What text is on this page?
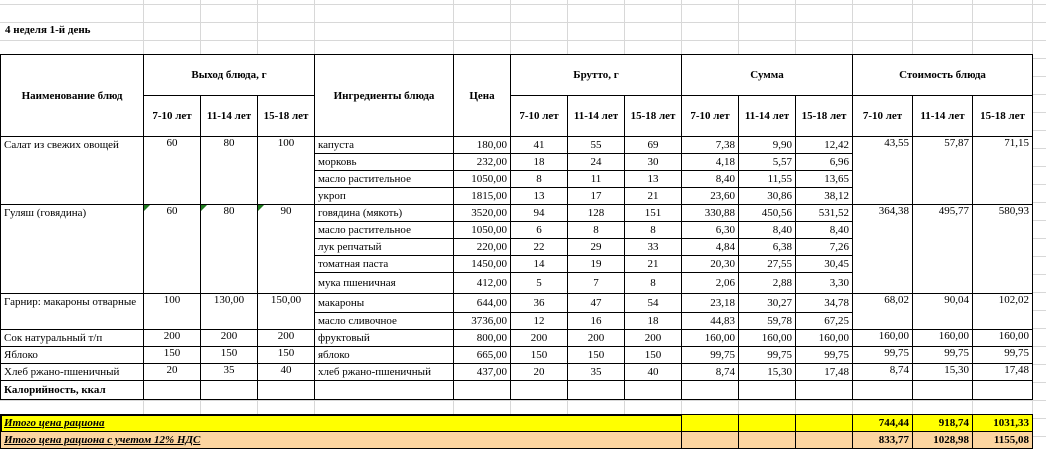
4 неделя 1-й день
Наименование блюд	Выход блюда, г			Ингредиенты блюда	Цена	Брутто, г			Сумма			Стоимость блюда		
	7-10 лет	11-14 лет	15-18 лет			7-10 лет	11-14 лет	15-18 лет	7-10 лет	11-14 лет	15-18 лет	7-10 лет	11-14 лет	15-18 лет
Салат из свежих овощей	60	80	100	капуста	180,00	41	55	69	7,38	9,90	12,42	43,55	57,87	71,15
				морковь	232,00	18	24	30	4,18	5,57	6,96			
				масло растительное	1050,00	8	11	13	8,40	11,55	13,65			
				укроп	1815,00	13	17	21	23,60	30,86	38,12			
Гуляш (говядина)	60	80	90	говядина (мякоть)	3520,00	94	128	151	330,88	450,56	531,52	364,38	495,77	580,93
				масло растительное	1050,00	6	8	8	6,30	8,40	8,40			
				лук репчатый	220,00	22	29	33	4,84	6,38	7,26			
				томатная паста	1450,00	14	19	21	20,30	27,55	30,45			
				мука пшеничная	412,00	5	7	8	2,06	2,88	3,30			
Гарнир: макароны отварные	100	130,00	150,00	макароны	644,00	36	47	54	23,18	30,27	34,78	68,02	90,04	102,02
				масло сливочное	3736,00	12	16	18	44,83	59,78	67,25			
Сок натуральный т/п	200	200	200	фруктовый	800,00	200	200	200	160,00	160,00	160,00	160,00	160,00	160,00
Яблоко	150	150	150	яблоко	665,00	150	150	150	99,75	99,75	99,75	99,75	99,75	99,75
Хлеб ржано-пшеничный	20	35	40	хлеб ржано-пшеничный	437,00	20	35	40	8,74	15,30	17,48	8,74	15,30	17,48
Калорийность, ккал														

Итого цена рациона												744,44	918,74	1031,33
Итого цена рациона с учетом 12% НДС												833,77	1028,98	1155,08
